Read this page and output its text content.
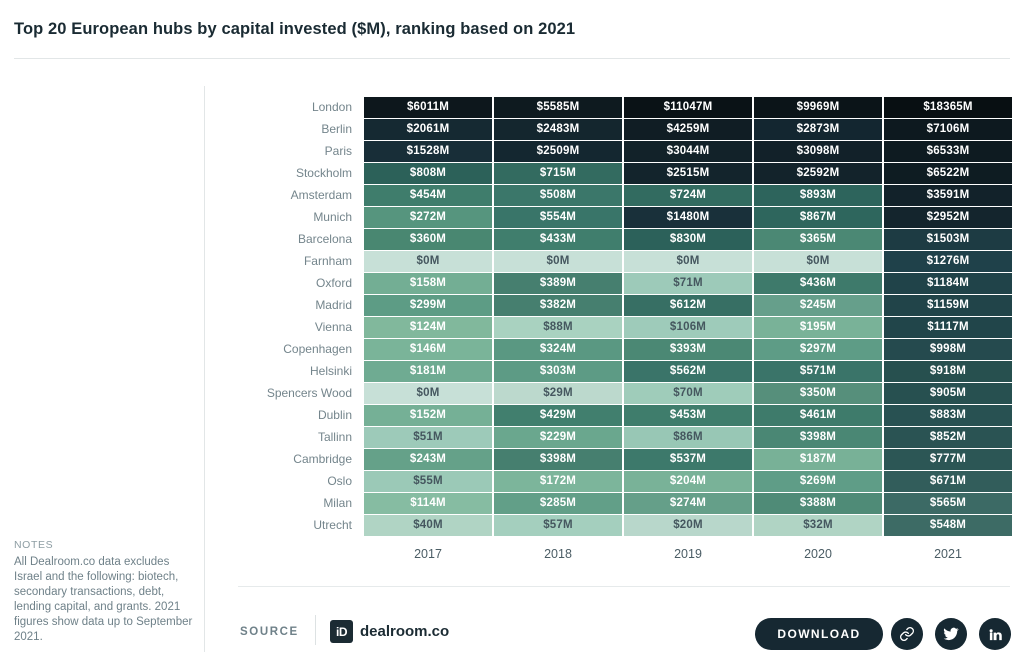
Top 20 European hubs by capital invested ($M), ranking based on 2021
NOTES
All Dealroom.co data excludes Israel and the following: biotech, secondary transactions, debt, lending capital, and grants. 2021 figures show data up to September 2021.
London	$6011M	$5585M	$11047M	$9969M	$18365M
Berlin	$2061M	$2483M	$4259M	$2873M	$7106M
Paris	$1528M	$2509M	$3044M	$3098M	$6533M
Stockholm	$808M	$715M	$2515M	$2592M	$6522M
Amsterdam	$454M	$508M	$724M	$893M	$3591M
Munich	$272M	$554M	$1480M	$867M	$2952M
Barcelona	$360M	$433M	$830M	$365M	$1503M
Farnham	$0M	$0M	$0M	$0M	$1276M
Oxford	$158M	$389M	$71M	$436M	$1184M
Madrid	$299M	$382M	$612M	$245M	$1159M
Vienna	$124M	$88M	$106M	$195M	$1117M
Copenhagen	$146M	$324M	$393M	$297M	$998M
Helsinki	$181M	$303M	$562M	$571M	$918M
Spencers Wood	$0M	$29M	$70M	$350M	$905M
Dublin	$152M	$429M	$453M	$461M	$883M
Tallinn	$51M	$229M	$86M	$398M	$852M
Cambridge	$243M	$398M	$537M	$187M	$777M
Oslo	$55M	$172M	$204M	$269M	$671M
Milan	$114M	$285M	$274M	$388M	$565M
Utrecht	$40M	$57M	$20M	$32M	$548M
	2017	2018	2019	2020	2021
SOURCE	iD dealroom.co	DOWNLOAD
